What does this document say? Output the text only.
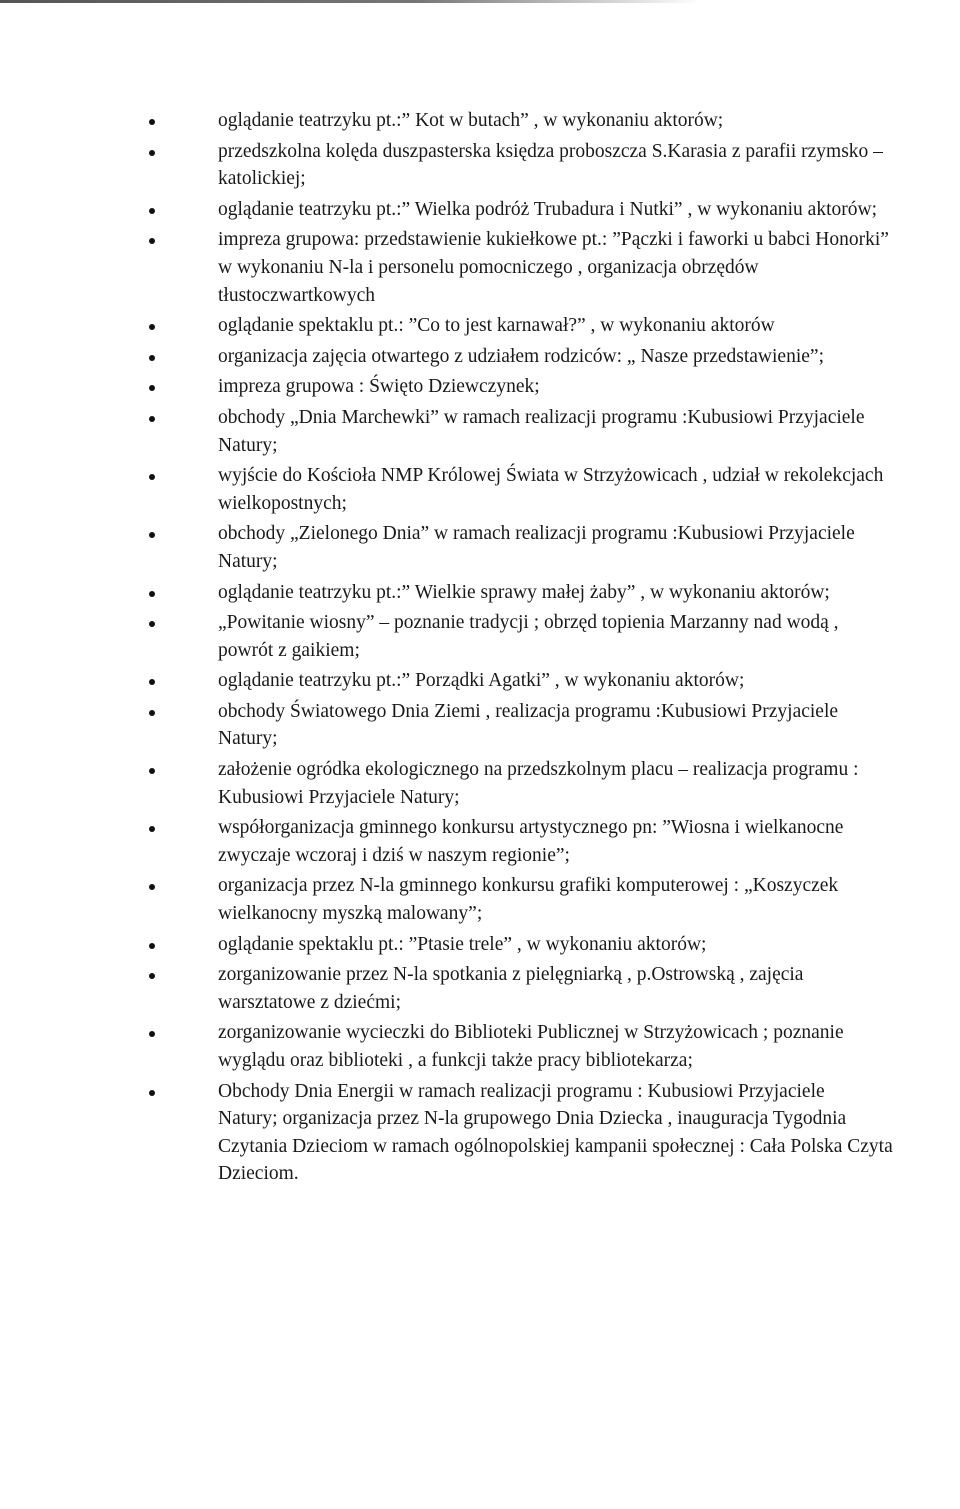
oglądanie teatrzyku pt.:” Kot w butach” , w wykonaniu aktorów;
przedszkolna kolęda duszpasterska księdza proboszcza S.Karasia z parafii rzymsko –
katolickiej;
oglądanie teatrzyku pt.:” Wielka podróż Trubadura i Nutki” , w wykonaniu aktorów;
impreza grupowa: przedstawienie kukiełkowe pt.: ”Pączki i faworki u babci Honorki”
w wykonaniu N-la i personelu pomocniczego , organizacja obrzędów
tłustoczwartkowych
oglądanie spektaklu pt.: ”Co to jest karnawał?” , w wykonaniu aktorów
organizacja zajęcia otwartego z udziałem rodziców: „ Nasze przedstawienie”;
impreza grupowa : Święto Dziewczynek;
obchody „Dnia Marchewki” w ramach realizacji programu :Kubusiowi Przyjaciele
Natury;
wyjście do Kościoła NMP Królowej Świata w Strzyżowicach , udział w rekolekcjach
wielkopostnych;
obchody „Zielonego Dnia” w ramach realizacji programu :Kubusiowi Przyjaciele
Natury;
oglądanie teatrzyku pt.:” Wielkie sprawy małej żaby” , w wykonaniu aktorów;
„Powitanie wiosny” – poznanie tradycji ; obrzęd topienia Marzanny nad wodą ,
powrót z gaikiem;
oglądanie teatrzyku pt.:” Porządki Agatki” , w wykonaniu aktorów;
obchody Światowego Dnia Ziemi , realizacja programu :Kubusiowi Przyjaciele
Natury;
założenie ogródka ekologicznego na przedszkolnym placu – realizacja programu :
Kubusiowi Przyjaciele Natury;
współorganizacja gminnego konkursu artystycznego pn: ”Wiosna i wielkanocne
zwyczaje wczoraj i dziś w naszym regionie”;
organizacja przez N-la gminnego konkursu grafiki komputerowej : „Koszyczek
wielkanocny myszką malowany”;
oglądanie spektaklu pt.: ”Ptasie trele” , w wykonaniu aktorów;
zorganizowanie przez N-la spotkania z pielęgniarką , p.Ostrowską , zajęcia
warsztatowe z dziećmi;
zorganizowanie wycieczki do Biblioteki Publicznej w Strzyżowicach ; poznanie
wyglądu oraz biblioteki , a funkcji także pracy bibliotekarza;
Obchody Dnia Energii w ramach realizacji programu : Kubusiowi Przyjaciele
Natury; organizacja przez N-la grupowego Dnia Dziecka , inauguracja Tygodnia
Czytania Dzieciom w ramach ogólnopolskiej kampanii społecznej : Cała Polska Czyta
Dzieciom.
